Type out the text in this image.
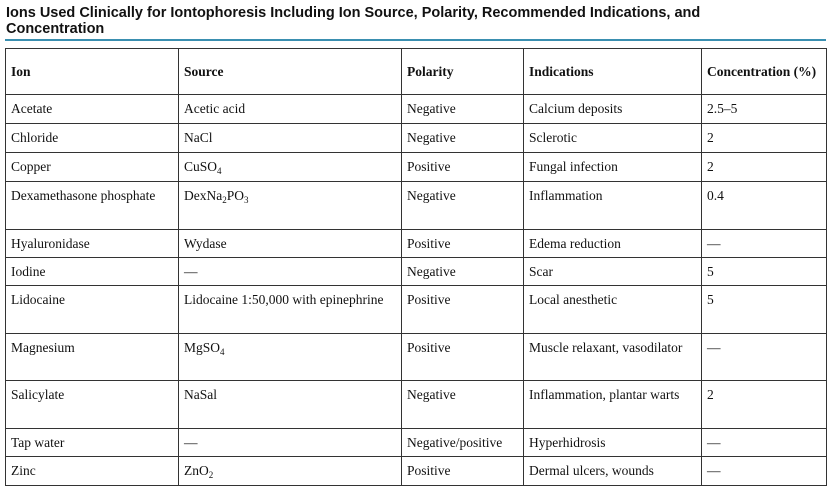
Ions Used Clinically for Iontophoresis Including Ion Source, Polarity, Recommended Indications, and Concentration
Ion	Source	Polarity	Indications	Concentration (%)
Acetate	Acetic acid	Negative	Calcium deposits	2.5–5
Chloride	NaCl	Negative	Sclerotic	2
Copper	CuSO$_4$	Positive	Fungal infection	2

Dexamethasone phosphate	$DexNa_2PO_3$	Negative	Inflammation	0.4
Hyaluronidase	Wydase	Positive	Edema reduction	—
Iodine	—	Negative	Scar	5
Lidocaine	Lidocaine 1:50,000 with epinephrine	Positive	Local anesthetic	5
Magnesium	MgSO$_4$	Positive	Muscle relaxant, vasodilator	—
Salicylate	NaSal	Negative	Inflammation, plantar warts	2
Tap water	—	Negative/positive	Hyperhidrosis	—
Zinc	ZnO$_2$	Positive	Dermal ulcers, wounds	—
